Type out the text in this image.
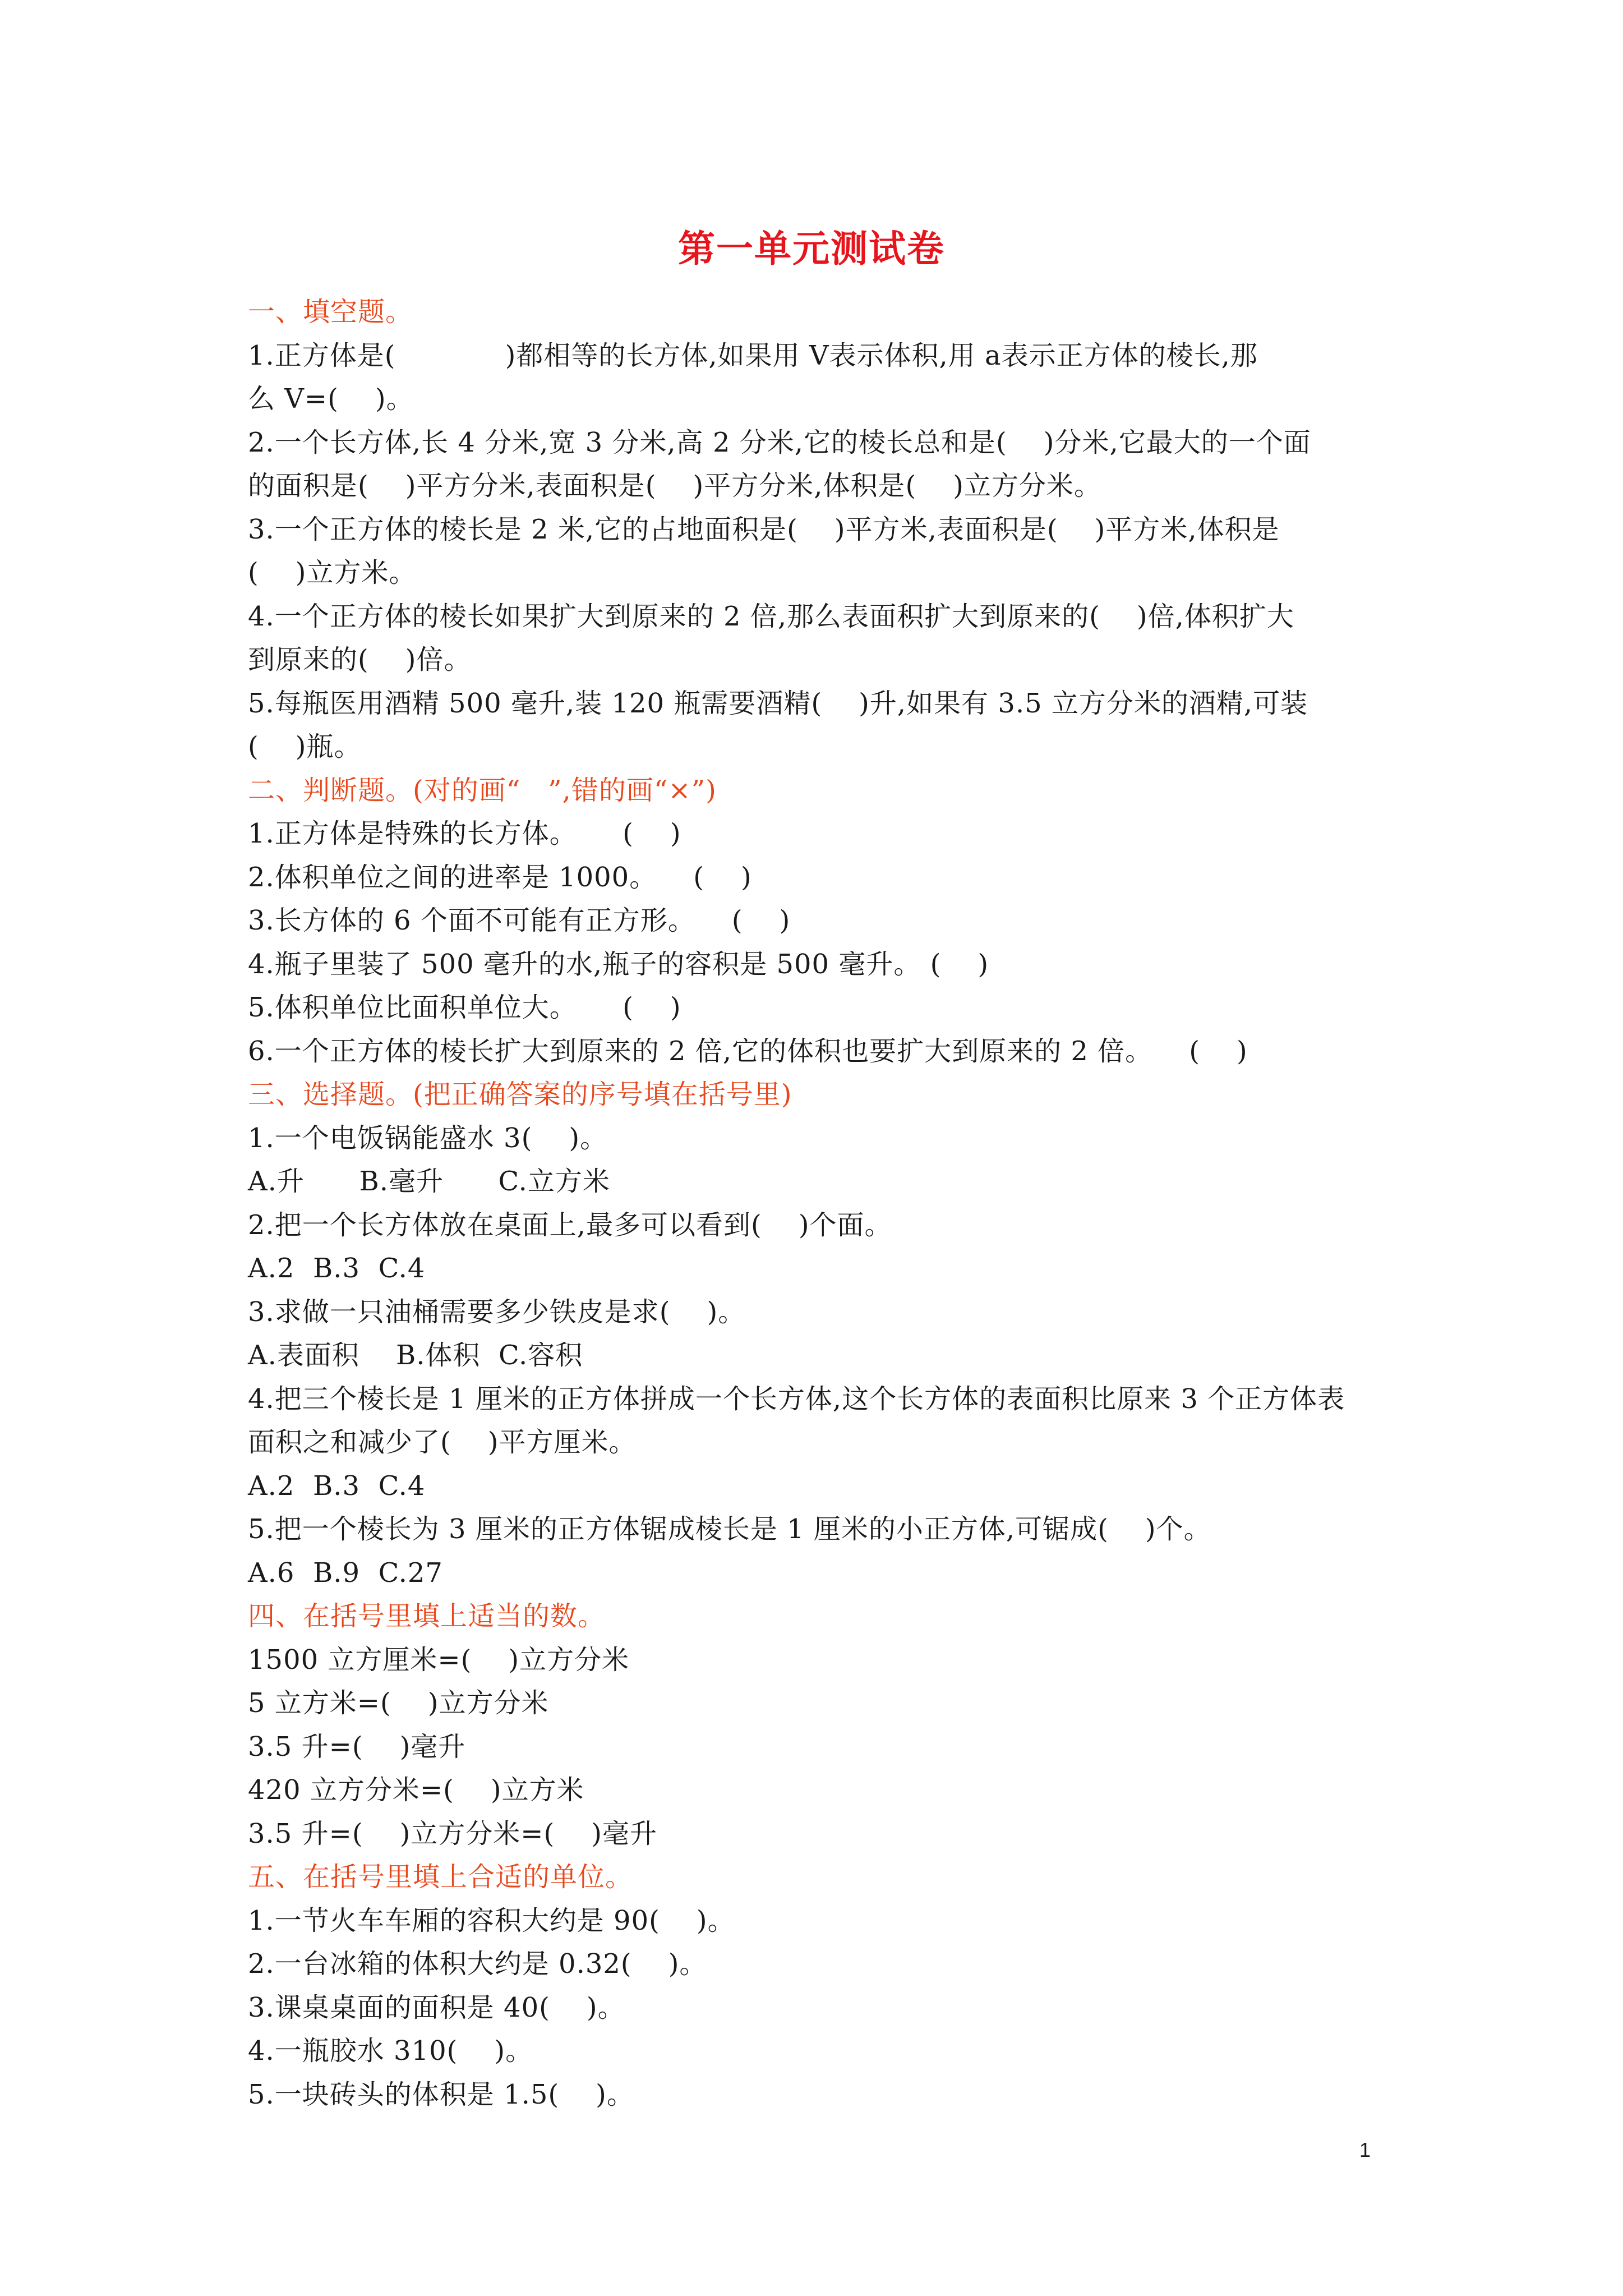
第一单元测试卷
一、填空题。
1.正方体是(            )都相等的长方体,如果用 V表示体积,用 a表示正方体的棱长,那
么 V=(    )。
2.一个长方体,长 4 分米,宽 3 分米,高 2 分米,它的棱长总和是(    )分米,它最大的一个面
的面积是(    )平方分米,表面积是(    )平方分米,体积是(    )立方分米。
3.一个正方体的棱长是 2 米,它的占地面积是(    )平方米,表面积是(    )平方米,体积是
(    )立方米。
4.一个正方体的棱长如果扩大到原来的 2 倍,那么表面积扩大到原来的(    )倍,体积扩大
到原来的(    )倍。
5.每瓶医用酒精 500 毫升,装 120 瓶需要酒精(    )升,如果有 3.5 立方分米的酒精,可装
(    )瓶。
二、判断题。(对的画“   ”,错的画“×”)
1.正方体是特殊的长方体。     (    )
2.体积单位之间的进率是 1000。    (    )
3.长方体的 6 个面不可能有正方形。    (    )
4.瓶子里装了 500 毫升的水,瓶子的容积是 500 毫升。 (    )
5.体积单位比面积单位大。     (    )
6.一个正方体的棱长扩大到原来的 2 倍,它的体积也要扩大到原来的 2 倍。    (    )
三、选择题。(把正确答案的序号填在括号里)
1.一个电饭锅能盛水 3(    )。
A.升      B.毫升      C.立方米
2.把一个长方体放在桌面上,最多可以看到(    )个面。
A.2  B.3  C.4
3.求做一只油桶需要多少铁皮是求(    )。
A.表面积    B.体积  C.容积
4.把三个棱长是 1 厘米的正方体拼成一个长方体,这个长方体的表面积比原来 3 个正方体表
面积之和减少了(    )平方厘米。
A.2  B.3  C.4
5.把一个棱长为 3 厘米的正方体锯成棱长是 1 厘米的小正方体,可锯成(    )个。
A.6  B.9  C.27
四、在括号里填上适当的数。
1500 立方厘米=(    )立方分米
5 立方米=(    )立方分米
3.5 升=(    )毫升
420 立方分米=(    )立方米
3.5 升=(    )立方分米=(    )毫升
五、在括号里填上合适的单位。
1.一节火车车厢的容积大约是 90(    )。
2.一台冰箱的体积大约是 0.32(    )。
3.课桌桌面的面积是 40(    )。
4.一瓶胶水 310(    )。
5.一块砖头的体积是 1.5(    )。
1
